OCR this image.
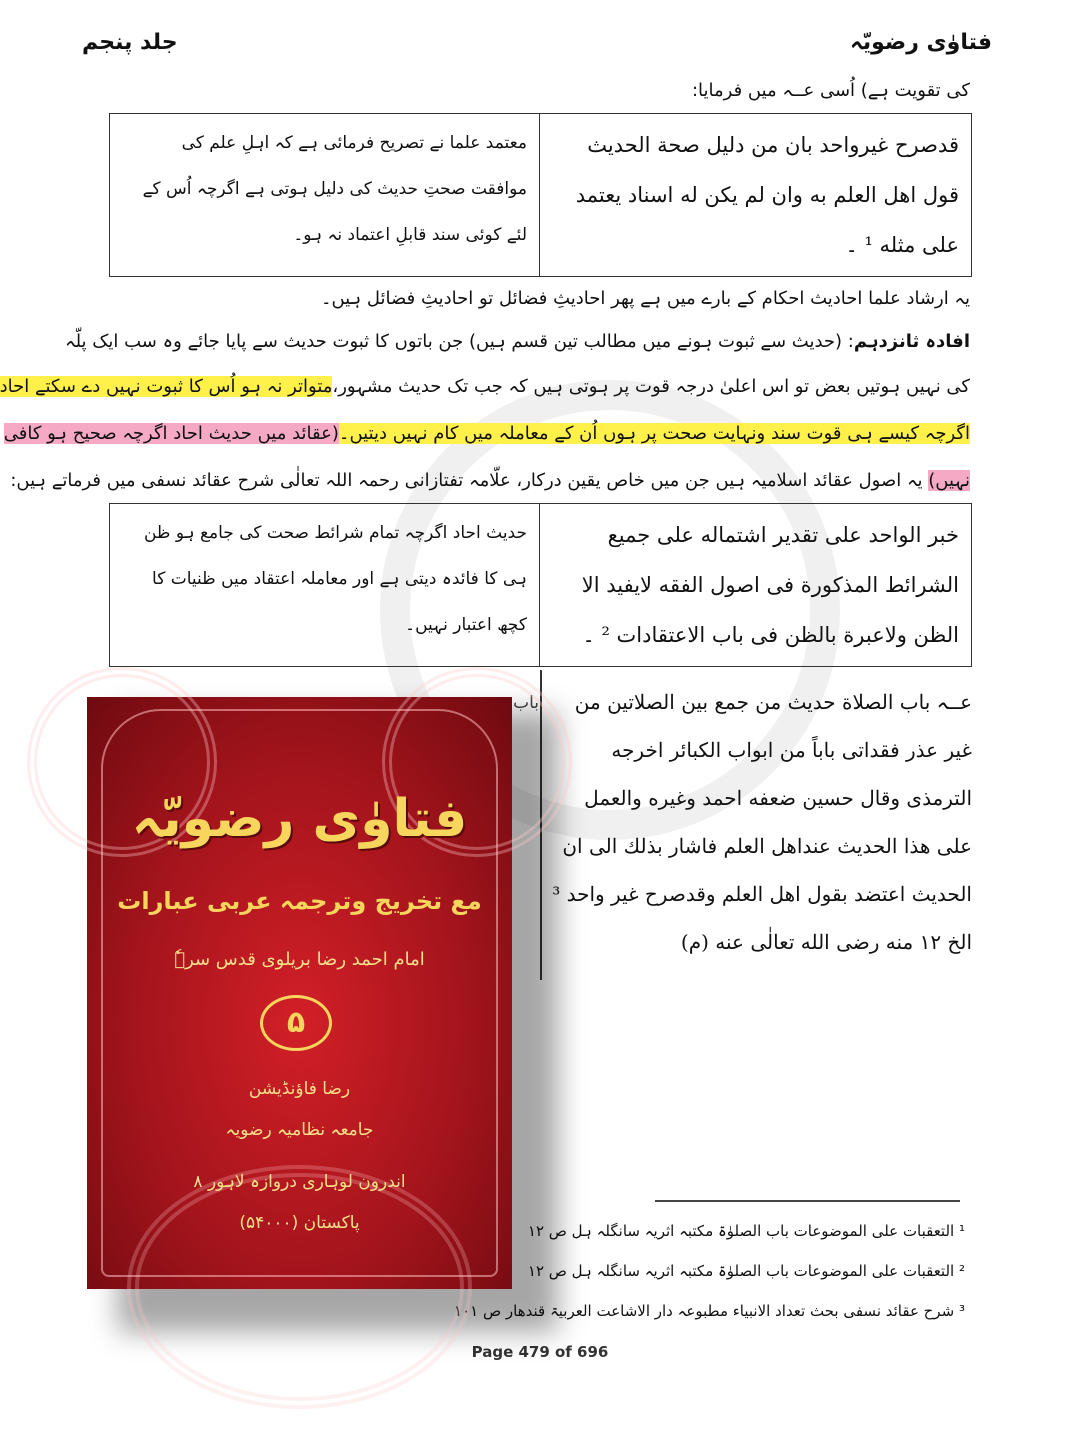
فتاوٰی رضویّہ
جلد پنجم
کی تقویت ہے) اُسی عــہ میں فرمایا:
معتمد علما نے تصریح فرمائی ہے کہ اہلِ علم کی موافقت صحتِ حدیث کی دلیل ہوتی ہے اگرچہ اُس کے لئے کوئی سند قابلِ اعتماد نہ ہو۔	قدصرح غیرواحد بان من دلیل صحة الحدیث قول اھل العلم به وان لم یکن له اسناد یعتمد علی مثله ¹ ۔
یہ ارشاد علما احادیث احکام کے بارے میں ہے پھر احادیثِ فضائل تو احادیثِ فضائل ہیں۔
افادہ ثانزدہم: (حدیث سے ثبوت ہونے میں مطالب تین قسم ہیں) جن باتوں کا ثبوت حدیث سے پایا جائے وہ سب ایک پلّہ
کی نہیں ہوتیں بعض تو اس اعلیٰ درجہ قوت پر ہوتی ہیں کہ جب تک حدیث مشہور،متواتر نہ ہو اُس کا ثبوت نہیں دے سکتے احاد
اگرچہ کیسے ہی قوت سند ونہایت صحت پر ہوں اُن کے معاملہ میں کام نہیں دیتیں۔(عقائد میں حدیث احاد اگرچہ صحیح ہو کافی
نہیں) یہ اصول عقائد اسلامیہ ہیں جن میں خاص یقین درکار، علّامہ تفتازانی رحمہ اللہ تعالٰی شرح عقائد نسفی میں فرماتے ہیں:
حدیث احاد اگرچہ تمام شرائط صحت کی جامع ہو ظن ہی کا فائدہ دیتی ہے اور معاملہ اعتقاد میں ظنیات کا کچھ اعتبار نہیں۔	خبر الواحد علی تقدیر اشتماله علی جمیع الشرائط المذکورة فی اصول الفقه لایفید الا الظن ولاعبرة بالظن فی باب الاعتقادات ² ۔
عــہ باب الصلاة حدیث من جمع بین الصلاتین من غیر عذر فقداتی باباً من ابواب الکبائر اخرجه الترمذی وقال حسین ضعفه احمد وغیره والعمل علی ھذا الحدیث عنداھل العلم فاشار بذلك الی ان الحدیث اعتضد بقول اھل العلم وقدصرح غیر واحد ³ الخ ۱۲ منه رضی الله تعالٰی عنه (م)
باب
¹ التعقبات علی الموضوعات باب الصلوٰۃ مکتبہ اثریہ سانگلہ ہل ص ۱۲
² التعقبات علی الموضوعات باب الصلوٰۃ مکتبہ اثریہ سانگلہ ہل ص ۱۲
³ شرح عقائد نسفی بحث تعداد الانبیاء مطبوعہ دار الاشاعت العربیۃ قندھار ص ۱۰۱
Page 479 of 696
فتاوٰی رضویّہ
مع تخریج وترجمہ عربی عبارات
امام احمد رضا بریلوی قدس سرہٗ
۵
رضا فاؤنڈیشن
جامعہ نظامیہ رضویہ
اندرون لوہاری دروازہ لاہور ۸
پاکستان (۵۴۰۰۰)
